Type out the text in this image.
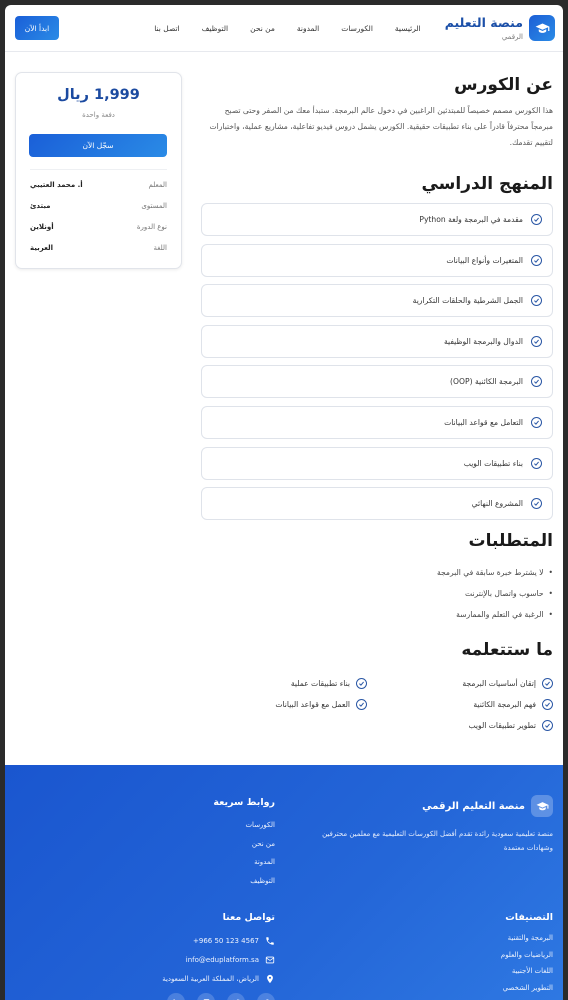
منصة التعليم
الرقمي
الرئيسية
الكورسات
المدونة
من نحن
التوظيف
اتصل بنا
ابدأ الآن
عن الكورس

هذا الكورس مصمم خصيصاً للمبتدئين الراغبين في دخول عالم البرمجة. ستبدأ معك من الصفر وحتى تصبح مبرمجاً محترفاً قادراً على بناء تطبيقات حقيقية. الكورس يشمل دروس فيديو تفاعلية، مشاريع عملية، واختبارات لتقييم تقدمك.

المنهج الدراسي
مقدمة في البرمجة ولغة Python
المتغيرات وأنواع البيانات
الجمل الشرطية والحلقات التكرارية
الدوال والبرمجة الوظيفية
البرمجة الكائنية (OOP)
التعامل مع قواعد البيانات
بناء تطبيقات الويب
المشروع النهائي
المتطلبات
• لا يشترط خبرة سابقة في البرمجة
• حاسوب واتصال بالإنترنت
• الرغبة في التعلم والممارسة
ما ستتعلمه
إتقان أساسيات البرمجة
بناء تطبيقات عملية
فهم البرمجة الكائنية
العمل مع قواعد البيانات
تطوير تطبيقات الويب
1,999 ريال
دفعة واحدة
سجّل الآن
المعلم
أ. محمد العتيبي
المستوى
مبتدئ
نوع الدورة
أونلاين
اللغة
العربية
منصة التعليم الرقمي

منصة تعليمية سعودية رائدة تقدم أفضل الكورسات التعليمية مع معلمين محترفين وشهادات معتمدة

روابط سريعة
الكورسات
من نحن
المدونة
التوظيف
التصنيفات
البرمجة والتقنية
الرياضيات والعلوم
اللغات الأجنبية
التطوير الشخصي
تواصل معنا
+966 50 123 4567
info@eduplatform.sa
الرياض، المملكة العربية السعودية
